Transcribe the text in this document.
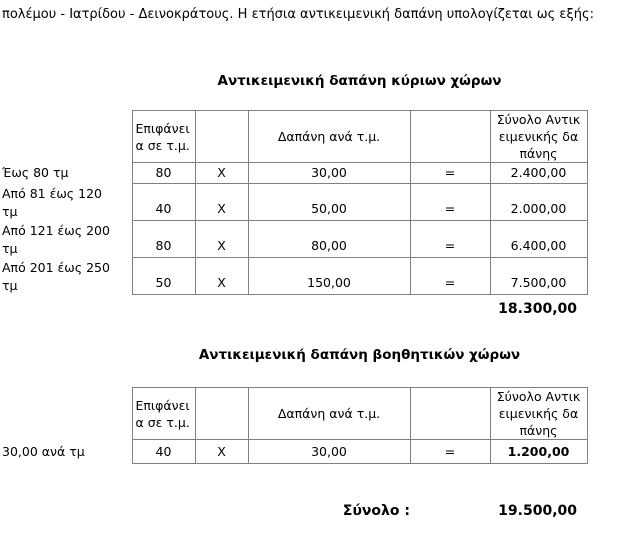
πολέμου - Ιατρίδου - Δεινοκράτους. Η ετήσια αντικειμενική δαπάνη υπολογίζεται ως εξής:

Αντικειμενική δαπάνη κύριων χώρων
	Επιφάνεια σε τ.μ.		Δαπάνη ανά τ.μ.		Σύνολο Αντικειμενικής δαπάνης
Έως 80 τμ	80	X	30,00	=	2.400,00
Από 81 έως 120 τμ	40	X	50,00	=	2.000,00
Από 121 έως 200 τμ	80	X	80,00	=	6.400,00
Από 201 έως 250 τμ	50	X	150,00	=	7.500,00
18.300,00
Αντικειμενική δαπάνη βοηθητικών χώρων
	Επιφάνεια σε τ.μ.		Δαπάνη ανά τ.μ.		Σύνολο Αντικειμενικής δαπάνης
30,00 ανά τμ	40	X	30,00	=	1.200,00
Σύνολο :	19.500,00
